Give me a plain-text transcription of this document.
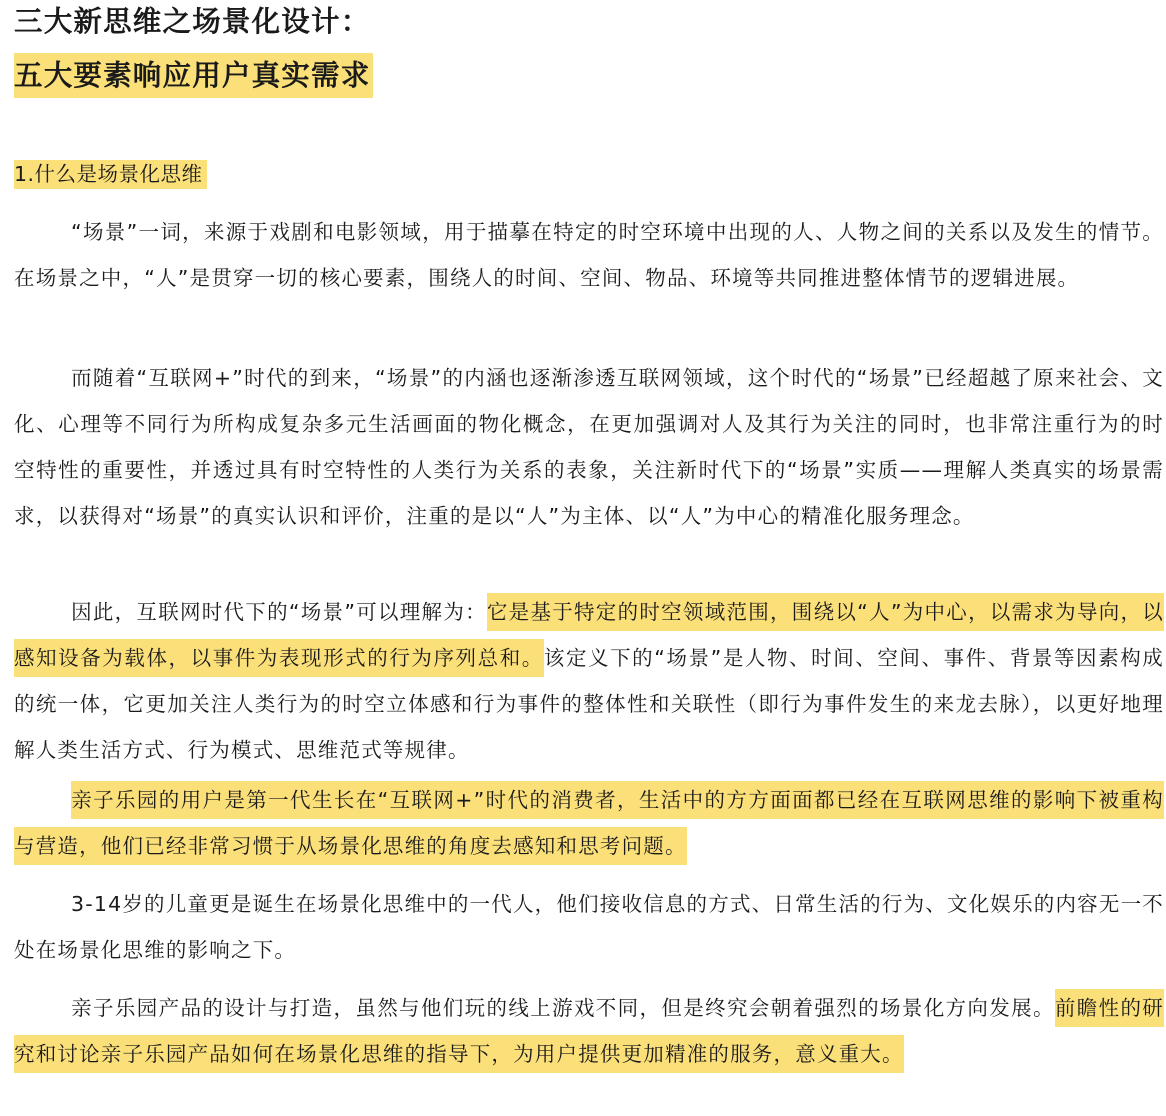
三大新思维之场景化设计：
五大要素响应用户真实需求
1.什么是场景化思维
“场景”一词，来源于戏剧和电影领域，用于描摹在特定的时空环境中出现的人、人物之间的关系以及发生的情节。在场景之中，“人”是贯穿一切的核心要素，围绕人的时间、空间、物品、环境等共同推进整体情节的逻辑进展。
而随着“互联网+”时代的到来，“场景”的内涵也逐渐渗透互联网领域，这个时代的“场景”已经超越了原来社会、文化、心理等不同行为所构成复杂多元生活画面的物化概念，在更加强调对人及其行为关注的同时，也非常注重行为的时空特性的重要性，并透过具有时空特性的人类行为关系的表象，关注新时代下的“场景”实质——理解人类真实的场景需求，以获得对“场景”的真实认识和评价，注重的是以“人”为主体、以“人”为中心的精准化服务理念。
因此，互联网时代下的“场景”可以理解为：它是基于特定的时空领域范围，围绕以“人”为中心，以需求为导向，以感知设备为载体，以事件为表现形式的行为序列总和。该定义下的“场景”是人物、时间、空间、事件、背景等因素构成的统一体，它更加关注人类行为的时空立体感和行为事件的整体性和关联性（即行为事件发生的来龙去脉），以更好地理解人类生活方式、行为模式、思维范式等规律。
亲子乐园的用户是第一代生长在“互联网+”时代的消费者，生活中的方方面面都已经在互联网思维的影响下被重构与营造，他们已经非常习惯于从场景化思维的角度去感知和思考问题。
3-14岁的儿童更是诞生在场景化思维中的一代人，他们接收信息的方式、日常生活的行为、文化娱乐的内容无一不处在场景化思维的影响之下。
亲子乐园产品的设计与打造，虽然与他们玩的线上游戏不同，但是终究会朝着强烈的场景化方向发展。前瞻性的研究和讨论亲子乐园产品如何在场景化思维的指导下，为用户提供更加精准的服务，意义重大。
